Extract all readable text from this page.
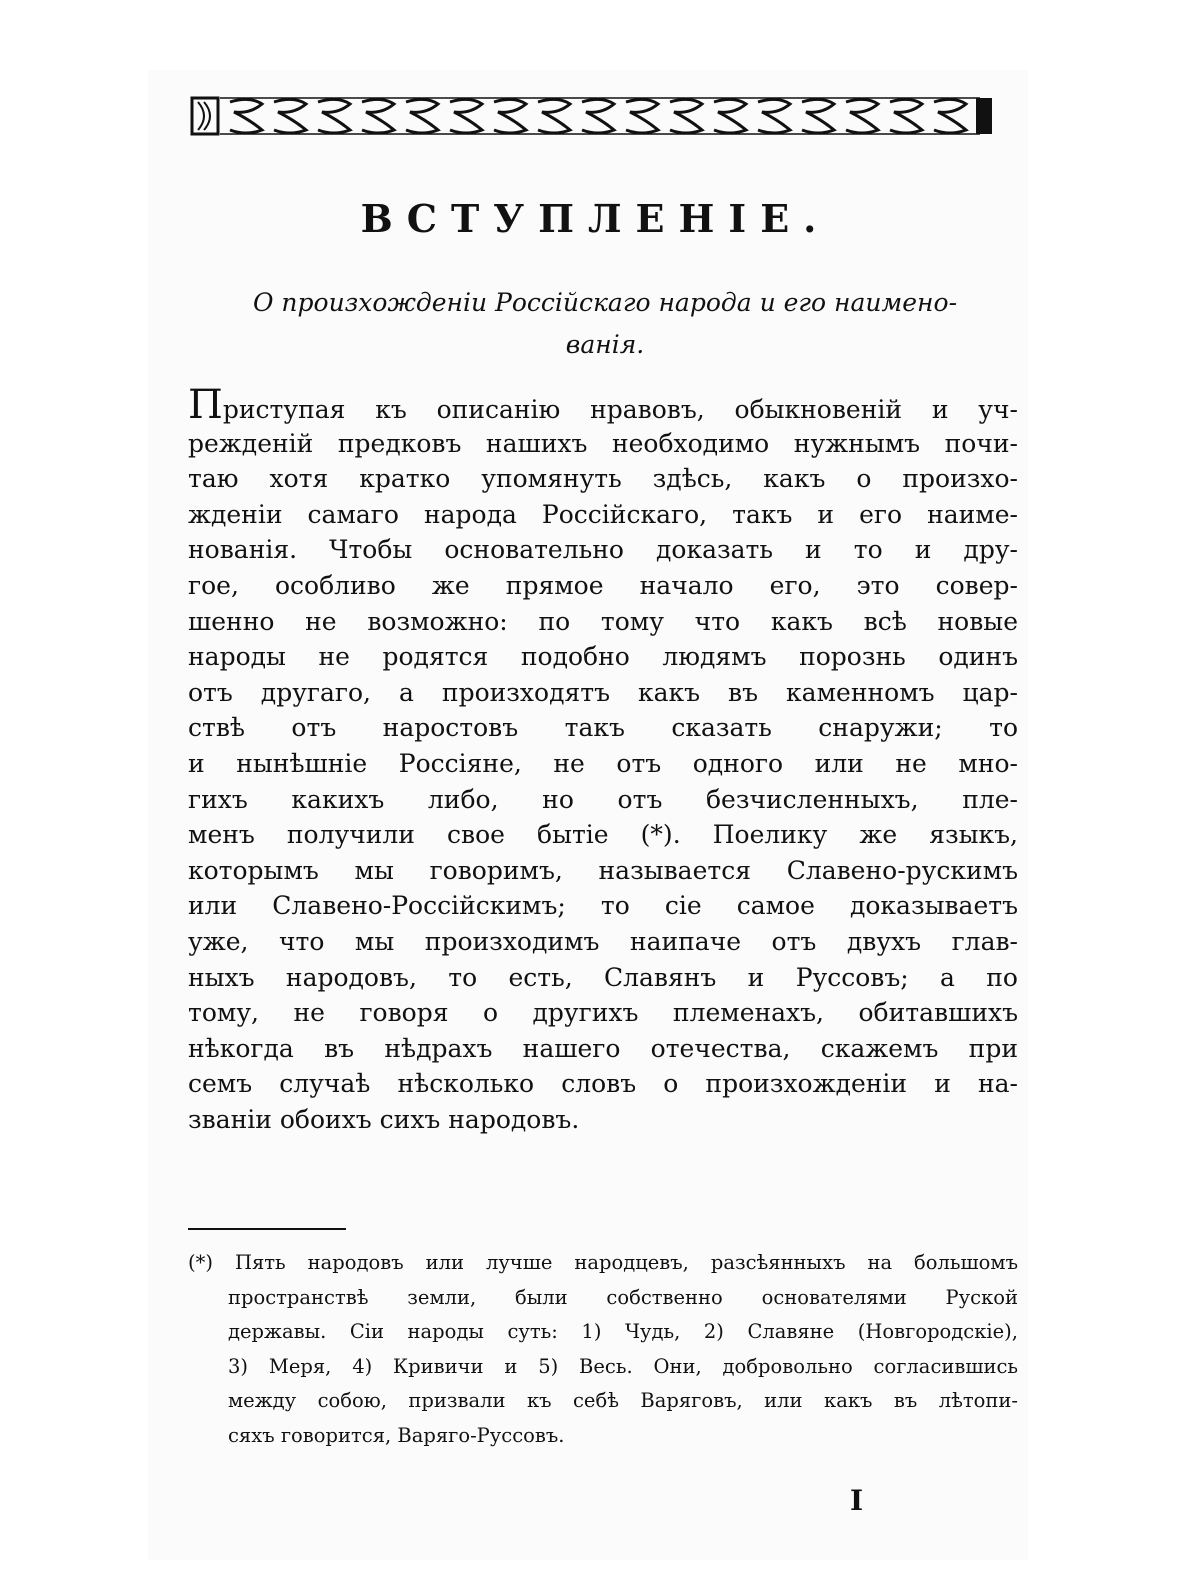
ВСТУПЛЕНIЕ.
О произхожденiи Россiйскаго народа и его наимено-
ванiя.
Приступая къ описанiю нравовъ, обыкновенiй и уч-
режденiй предковъ нашихъ необходимо нужнымъ почи-
таю хотя кратко упомянуть здѣсь, какъ о произхо-
жденiи самаго народа Россiйскаго, такъ и его наиме-
нованiя. Чтобы основательно доказать и то и дру-
гое, особливо же прямое начало его, это совер-
шенно не возможно: по тому что какъ всѣ новые
народы не родятся подобно людямъ порознь одинъ
отъ другаго, а произходятъ какъ въ каменномъ цар-
ствѣ отъ наростовъ такъ сказать снаружи; то
и нынѣшнiе Россiяне, не отъ одного или не мно-
гихъ какихъ либо, но отъ безчисленныхъ, пле-
менъ получили свое бытiе (*). Поелику же языкъ,
которымъ мы говоримъ, называется Славено-рускимъ
или Славено-Россiйскимъ; то сiе самое доказываетъ
уже, что мы произходимъ наипаче отъ двухъ глав-
ныхъ народовъ, то есть, Славянъ и Руссовъ; а по
тому, не говоря о другихъ племенахъ, обитавшихъ
нѣкогда въ нѣдрахъ нашего отечества, скажемъ при
семъ случаѣ нѣсколько словъ о произхожденiи и на-
званiи обоихъ сихъ народовъ.
(*) Пять народовъ или лучше народцевъ, разсѣянныхъ на большомъ
пространствѣ земли, были собственно основателями Руской
державы. Сiи народы суть: 1) Чудь, 2) Славяне (Новгородскiе),
3) Меря, 4) Кривичи и 5) Весь. Они, добровольно согласившись
между собою, призвали къ себѣ Варяговъ, или какъ въ лѣтопи-
сяхъ говорится, Варяго-Руссовъ.
I
